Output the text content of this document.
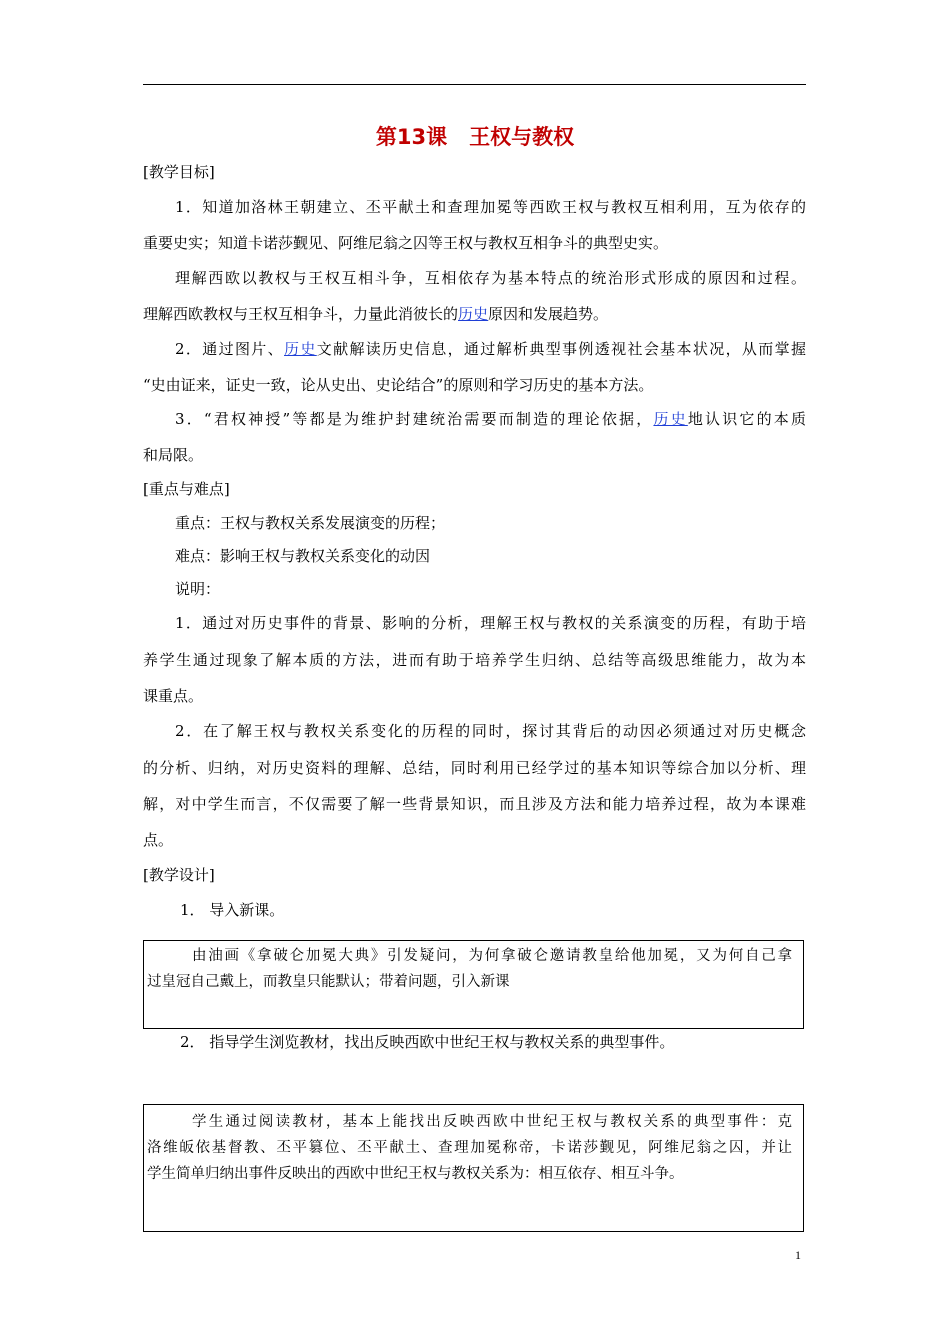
第13课 王权与教权
[教学目标]
1．知道加洛林王朝建立、丕平献土和查理加冕等西欧王权与教权互相利用，互为依存的
重要史实；知道卡诺莎觐见、阿维尼翁之囚等王权与教权互相争斗的典型史实。
理解西欧以教权与王权互相斗争，互相依存为基本特点的统治形式形成的原因和过程。
理解西欧教权与王权互相争斗，力量此消彼长的历史原因和发展趋势。
2．通过图片、历史文献解读历史信息，通过解析典型事例透视社会基本状况，从而掌握
“史由证来，证史一致，论从史出、史论结合”的原则和学习历史的基本方法。
3．“君权神授”等都是为维护封建统治需要而制造的理论依据，历史地认识它的本质
和局限。
[重点与难点]
重点：王权与教权关系发展演变的历程；
难点：影响王权与教权关系变化的动因
说明：
1．通过对历史事件的背景、影响的分析，理解王权与教权的关系演变的历程，有助于培
养学生通过现象了解本质的方法，进而有助于培养学生归纳、总结等高级思维能力，故为本
课重点。
2．在了解王权与教权关系变化的历程的同时，探讨其背后的动因必须通过对历史概念
的分析、归纳，对历史资料的理解、总结，同时利用已经学过的基本知识等综合加以分析、理
解，对中学生而言，不仅需要了解一些背景知识，而且涉及方法和能力培养过程，故为本课难
点。
[教学设计]
1． 导入新课。
由油画《拿破仑加冕大典》引发疑问，为何拿破仑邀请教皇给他加冕，又为何自己拿
过皇冠自己戴上，而教皇只能默认；带着问题，引入新课
2． 指导学生浏览教材，找出反映西欧中世纪王权与教权关系的典型事件。
学生通过阅读教材，基本上能找出反映西欧中世纪王权与教权关系的典型事件：克
洛维皈依基督教、丕平篡位、丕平献土、查理加冕称帝，卡诺莎觐见，阿维尼翁之囚，并让
学生简单归纳出事件反映出的西欧中世纪王权与教权关系为：相互依存、相互斗争。
1
